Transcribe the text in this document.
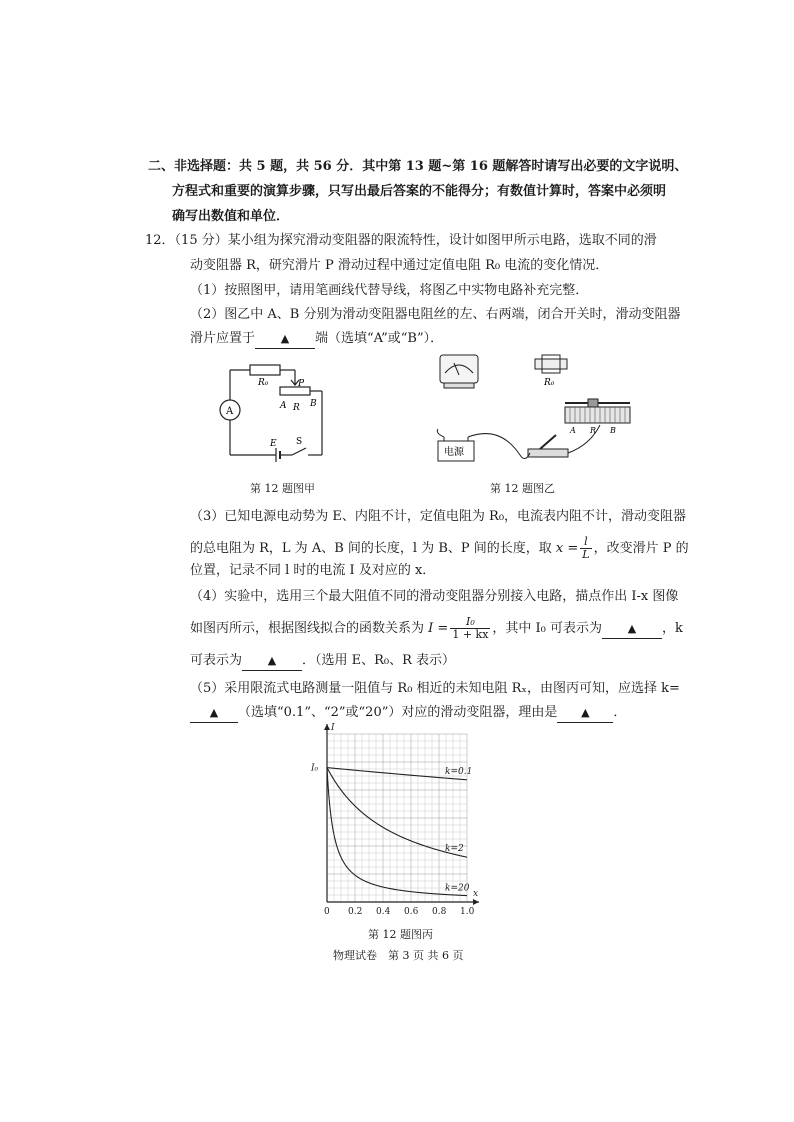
二、非选择题：共 5 题，共 56 分．其中第 13 题~第 16 题解答时请写出必要的文字说明、
方程式和重要的演算步骤，只写出最后答案的不能得分；有数值计算时，答案中必须明
确写出数值和单位．
12．（15 分）某小组为探究滑动变阻器的限流特性，设计如图甲所示电路，选取不同的滑
动变阻器 R，研究滑片 P 滑动过程中通过定值电阻 R₀ 电流的变化情况．
（1）按照图甲，请用笔画线代替导线，将图乙中实物电路补充完整．
（2）图乙中 A、B 分别为滑动变阻器电阻丝的左、右两端，闭合开关时，滑动变阻器
滑片应置于 ▲ 端（选填“A”或“B”）．
R₀	P
A R B
A
E S
第 12 题图甲
R₀
电源
A R B
第 12 题图乙
（3）已知电源电动势为 E、内阻不计，定值电阻为 R₀，电流表内阻不计，滑动变阻器
的总电阻为 R，L 为 A、B 间的长度，l 为 B、P 间的长度，取 $x = \frac{l}{L}$ ，改变滑片 P 的
位置，记录不同 l 时的电流 I 及对应的 x．
（4）实验中，选用三个最大阻值不同的滑动变阻器分别接入电路，描点作出 I-x 图像
如图丙所示，根据图线拟合的函数关系为 $I = \frac{\text{I₀}}{1 + kx}$ ，其中 I₀ 可表示为 ▲ ，k
可表示为 ▲ ．（选用 E、R₀、R 表示）
（5）采用限流式电路测量一阻值与 R₀ 相近的未知电阻 Rₓ，由图丙可知，应选择 k=
▲ （选填“0.1”、“2”或“20”）对应的滑动变阻器，理由是 ▲ ．
I
x
I₀
0 0.2 0.4 0.6 0.8 1.0
k=0.1
k=2
k=20
第 12 题图丙
物理试卷　第 3 页 共 6 页
